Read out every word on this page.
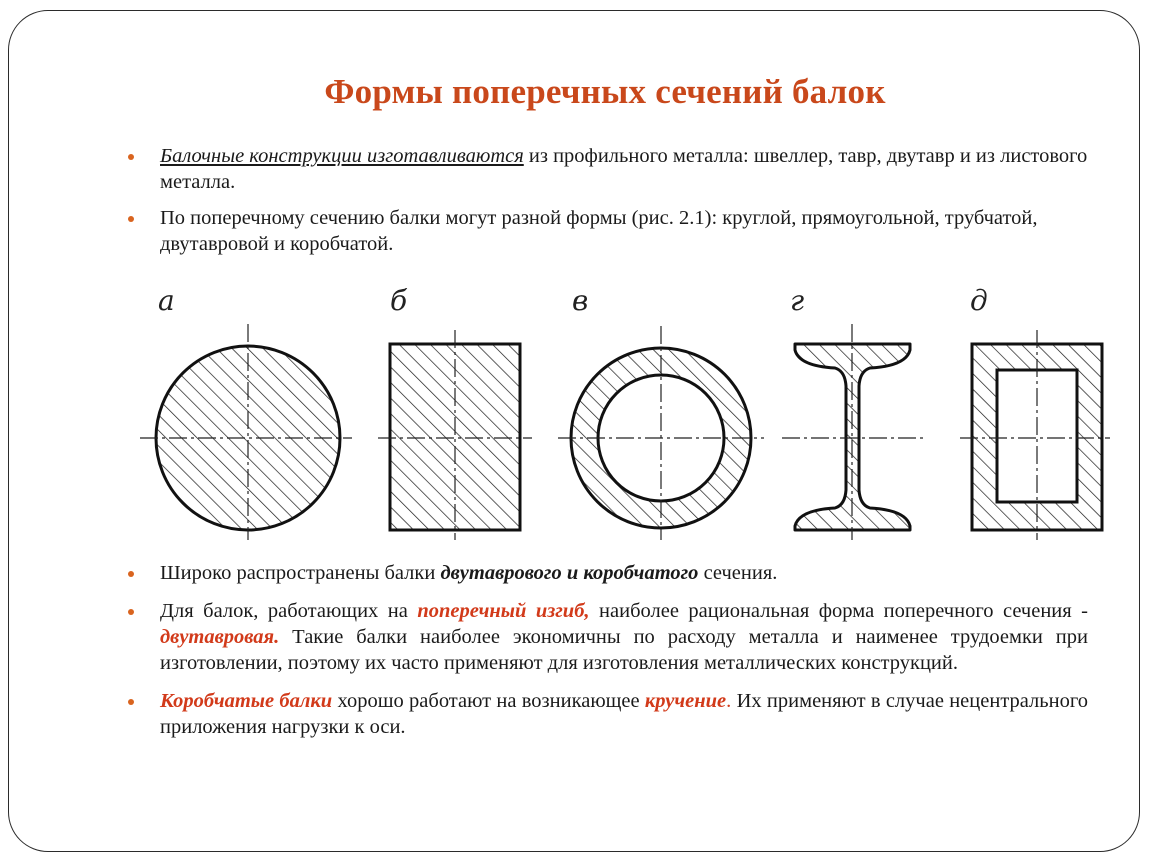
Формы поперечных сечений балок
Балочные конструкции изготавливаются из профильного металла: швеллер, тавр, двутавр и из листового металла.
По поперечному сечению балки могут разной формы (рис. 2.1): круглой, прямоугольной, трубчатой, двутавровой и коробчатой.
а	б	в	г	д
Широко распространены балки двутаврового и коробчатого сечения.
Для балок, работающих на поперечный изгиб, наиболее рациональная форма поперечного сечения - двутавровая. Такие балки наиболее экономичны по расходу металла и наименее трудоемки при изготовлении, поэтому их часто применяют для изготовления металлических конструкций.
Коробчатые балки хорошо работают на возникающее кручение. Их применяют в случае нецентрального приложения нагрузки к оси.
